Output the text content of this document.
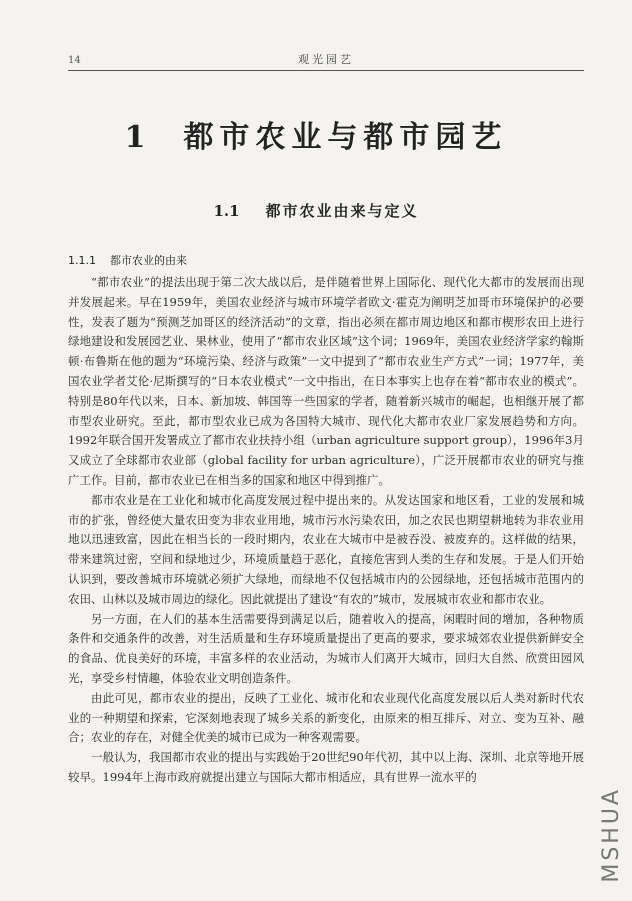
14	观光园艺
1 都市农业与都市园艺
1.1 都市农业由来与定义
1.1.1 都市农业的由来

“都市农业”的提法出现于第二次大战以后，是伴随着世界上国际化、现代化大都市的发展而出现并发展起来。早在1959年，美国农业经济与城市环境学者欧文·霍克为阐明芝加哥市环境保护的必要性，发表了题为“预测芝加哥区的经济活动”的文章，指出必须在都市周边地区和都市楔形农田上进行绿地建设和发展园艺业、果林业，使用了“都市农业区域”这个词；1969年，美国农业经济学家约翰斯顿·布鲁斯在他的题为“环境污染、经济与政策”一文中提到了“都市农业生产方式”一词；1977年，美国农业学者艾伦·尼斯撰写的“日本农业模式”一文中指出，在日本事实上也存在着“都市农业的模式”。特别是80年代以来，日本、新加坡、韩国等一些国家的学者，随着新兴城市的崛起，也相继开展了都市型农业研究。至此，都市型农业已成为各国特大城市、现代化大都市农业厂家发展趋势和方向。1992年联合国开发署成立了都市农业扶持小组（urban agriculture support group），1996年3月又成立了全球都市农业部（global facility for urban agriculture），广泛开展都市农业的研究与推广工作。目前，都市农业已在相当多的国家和地区中得到推广。

都市农业是在工业化和城市化高度发展过程中提出来的。从发达国家和地区看，工业的发展和城市的扩张，曾经使大量农田变为非农业用地，城市污水污染农田，加之农民也期望耕地转为非农业用地以迅速致富，因此在相当长的一段时期内，农业在大城市中是被吞没、被废弃的。这样做的结果，带来建筑过密，空间和绿地过少，环境质量趋于恶化，直接危害到人类的生存和发展。于是人们开始认识到，要改善城市环境就必须扩大绿地，而绿地不仅包括城市内的公园绿地，还包括城市范围内的农田、山林以及城市周边的绿化。因此就提出了建设“有农的”城市，发展城市农业和都市农业。

另一方面，在人们的基本生活需要得到满足以后，随着收入的提高，闲暇时间的增加，各种物质条件和交通条件的改善，对生活质量和生存环境质量提出了更高的要求，要求城郊农业提供新鲜安全的食品、优良美好的环境，丰富多样的农业活动，为城市人们离开大城市，回归大自然、欣赏田园风光，享受乡村情趣，体验农业文明创造条件。

由此可见，都市农业的提出，反映了工业化、城市化和农业现代化高度发展以后人类对新时代农业的一种期望和探索，它深刻地表现了城乡关系的新变化，由原来的相互排斥、对立、变为互补、融合；农业的存在，对健全优美的城市已成为一种客观需要。

一般认为，我国都市农业的提出与实践始于20世纪90年代初，其中以上海、深圳、北京等地开展较早。1994年上海市政府就提出建立与国际大都市相适应，具有世界一流水平的

MSHUA
